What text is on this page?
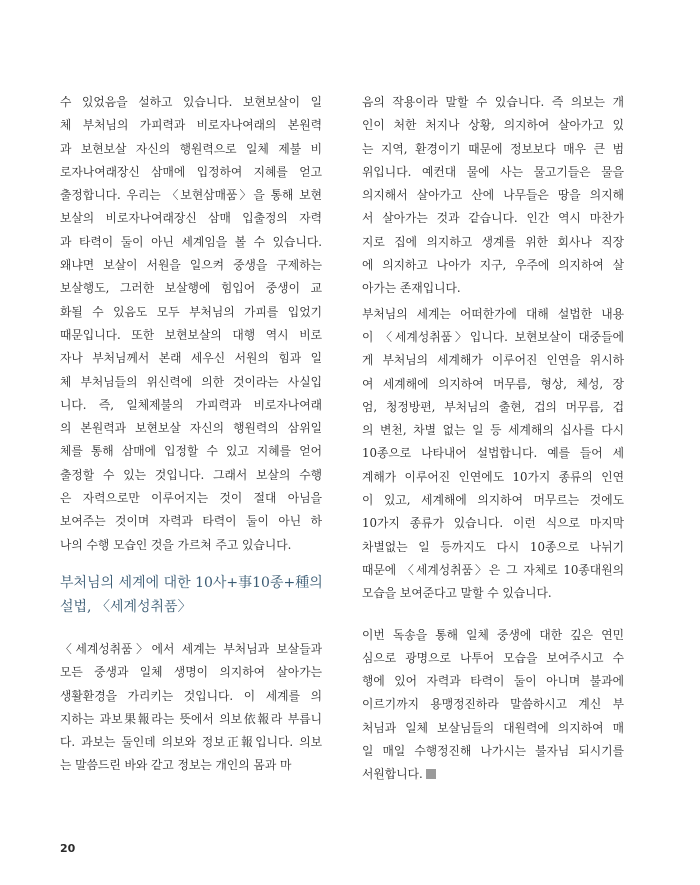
수 있었음을 설하고 있습니다. 보현보살이 일
체 부처님의 가피력과 비로자나여래의 본원력
과 보현보살 자신의 행원력으로 일체 제불 비
로자나여래장신 삼매에 입정하여 지혜를 얻고
출정합니다. 우리는 〈보현삼매품〉을 통해 보현
보살의 비로자나여래장신 삼매 입출정의 자력
과 타력이 둘이 아닌 세계임을 볼 수 있습니다.
왜냐면 보살이 서원을 일으켜 중생을 구제하는
보살행도, 그러한 보살행에 힘입어 중생이 교
화될 수 있음도 모두 부처님의 가피를 입었기
때문입니다. 또한 보현보살의 대행 역시 비로
자나 부처님께서 본래 세우신 서원의 힘과 일
체 부처님들의 위신력에 의한 것이라는 사실입
니다. 즉, 일체제불의 가피력과 비로자나여래
의 본원력과 보현보살 자신의 행원력의 삼위일
체를 통해 삼매에 입정할 수 있고 지혜를 얻어
출정할 수 있는 것입니다. 그래서 보살의 수행
은 자력으로만 이루어지는 것이 절대 아님을
보여주는 것이며 자력과 타력이 둘이 아닌 하
나의 수행 모습인 것을 가르쳐 주고 있습니다.
부처님의 세계에 대한 10사+事10종+種의
설법, 〈세계성취품〉
〈세계성취품〉에서 세계는 부처님과 보살들과
모든 중생과 일체 생명이 의지하여 살아가는
생활환경을 가리키는 것입니다. 이 세계를 의
지하는 과보果報라는 뜻에서 의보依報라 부릅니
다. 과보는 둘인데 의보와 정보正報입니다. 의보
는 말씀드린 바와 같고 정보는 개인의 몸과 마
음의 작용이라 말할 수 있습니다. 즉 의보는 개
인이 처한 처지나 상황, 의지하여 살아가고 있
는 지역, 환경이기 때문에 정보보다 매우 큰 범
위입니다. 예컨대 물에 사는 물고기들은 물을
의지해서 살아가고 산에 나무들은 땅을 의지해
서 살아가는 것과 같습니다. 인간 역시 마찬가
지로 집에 의지하고 생계를 위한 회사나 직장
에 의지하고 나아가 지구, 우주에 의지하여 살
아가는 존재입니다.
부처님의 세계는 어떠한가에 대해 설법한 내용
이 〈세계성취품〉입니다. 보현보살이 대중들에
게 부처님의 세계해가 이루어진 인연을 위시하
여 세계해에 의지하여 머무름, 형상, 체성, 장
엄, 청정방편, 부처님의 출현, 겁의 머무름, 겁
의 변천, 차별 없는 일 등 세계해의 십사를 다시
10종으로 나타내어 설법합니다. 예를 들어 세
계해가 이루어진 인연에도 10가지 종류의 인연
이 있고, 세계해에 의지하여 머무르는 것에도
10가지 종류가 있습니다. 이런 식으로 마지막
차별없는 일 등까지도 다시 10종으로 나뉘기
때문에 〈세계성취품〉은 그 자체로 10종대원의
모습을 보여준다고 말할 수 있습니다.
이번 독송을 통해 일체 중생에 대한 깊은 연민
심으로 광명으로 나투어 모습을 보여주시고 수
행에 있어 자력과 타력이 둘이 아니며 불과에
이르기까지 용맹정진하라 말씀하시고 계신 부
처님과 일체 보살님들의 대원력에 의지하여 매
일 매일 수행정진해 나가시는 불자님 되시기를
서원합니다.
20
